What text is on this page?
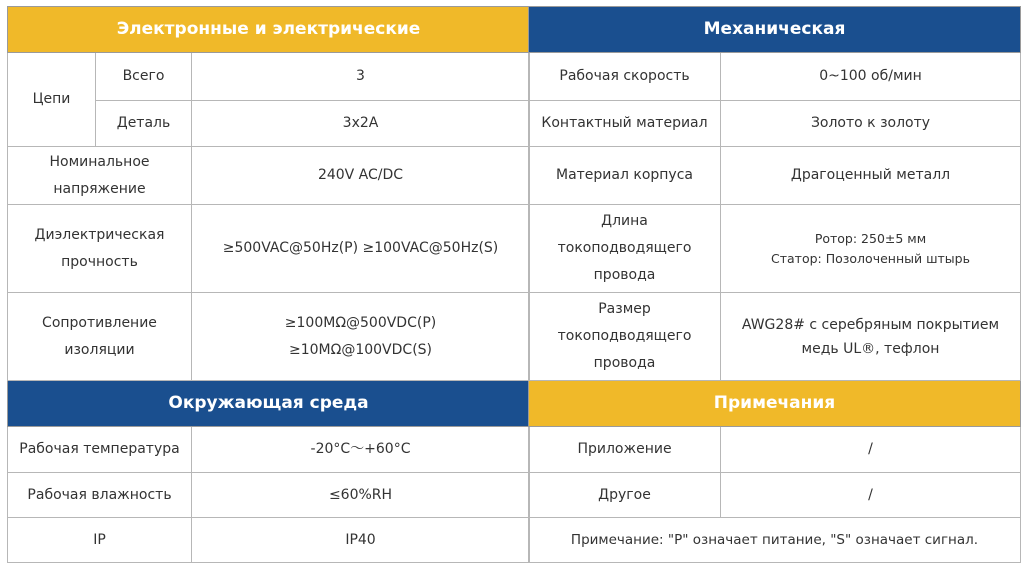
Электронные и электрические		
Цепи	Всего	3
	Деталь	3x2A
Номинальное напряжение		240V AC/DC
Диэлектрическая прочность		≥500VAC@50Hz(P) ≥100VAC@50Hz(S)
Сопротивление изоляции		≥100MΩ@500VDC(P)
≥10MΩ@100VDC(S)

Окружающая среда		
Рабочая температура		-20°C～+60°C
Рабочая влажность		≤60%RH
IP		IP40
Механическая	
Рабочая скорость	0~100 об/мин
Контактный материал	Золото к золоту
Материал корпуса	Драгоценный металл
Длина токоподводящего провода	Ротор: 250±5 мм
Статор: Позолоченный штырь

Размер токоподводящего провода	AWG28# с серебряным покрытием медь UL®, тефлон
Примечания	
Приложение	/
Другое	/
Примечание: "P" означает питание, "S" означает сигнал.	
